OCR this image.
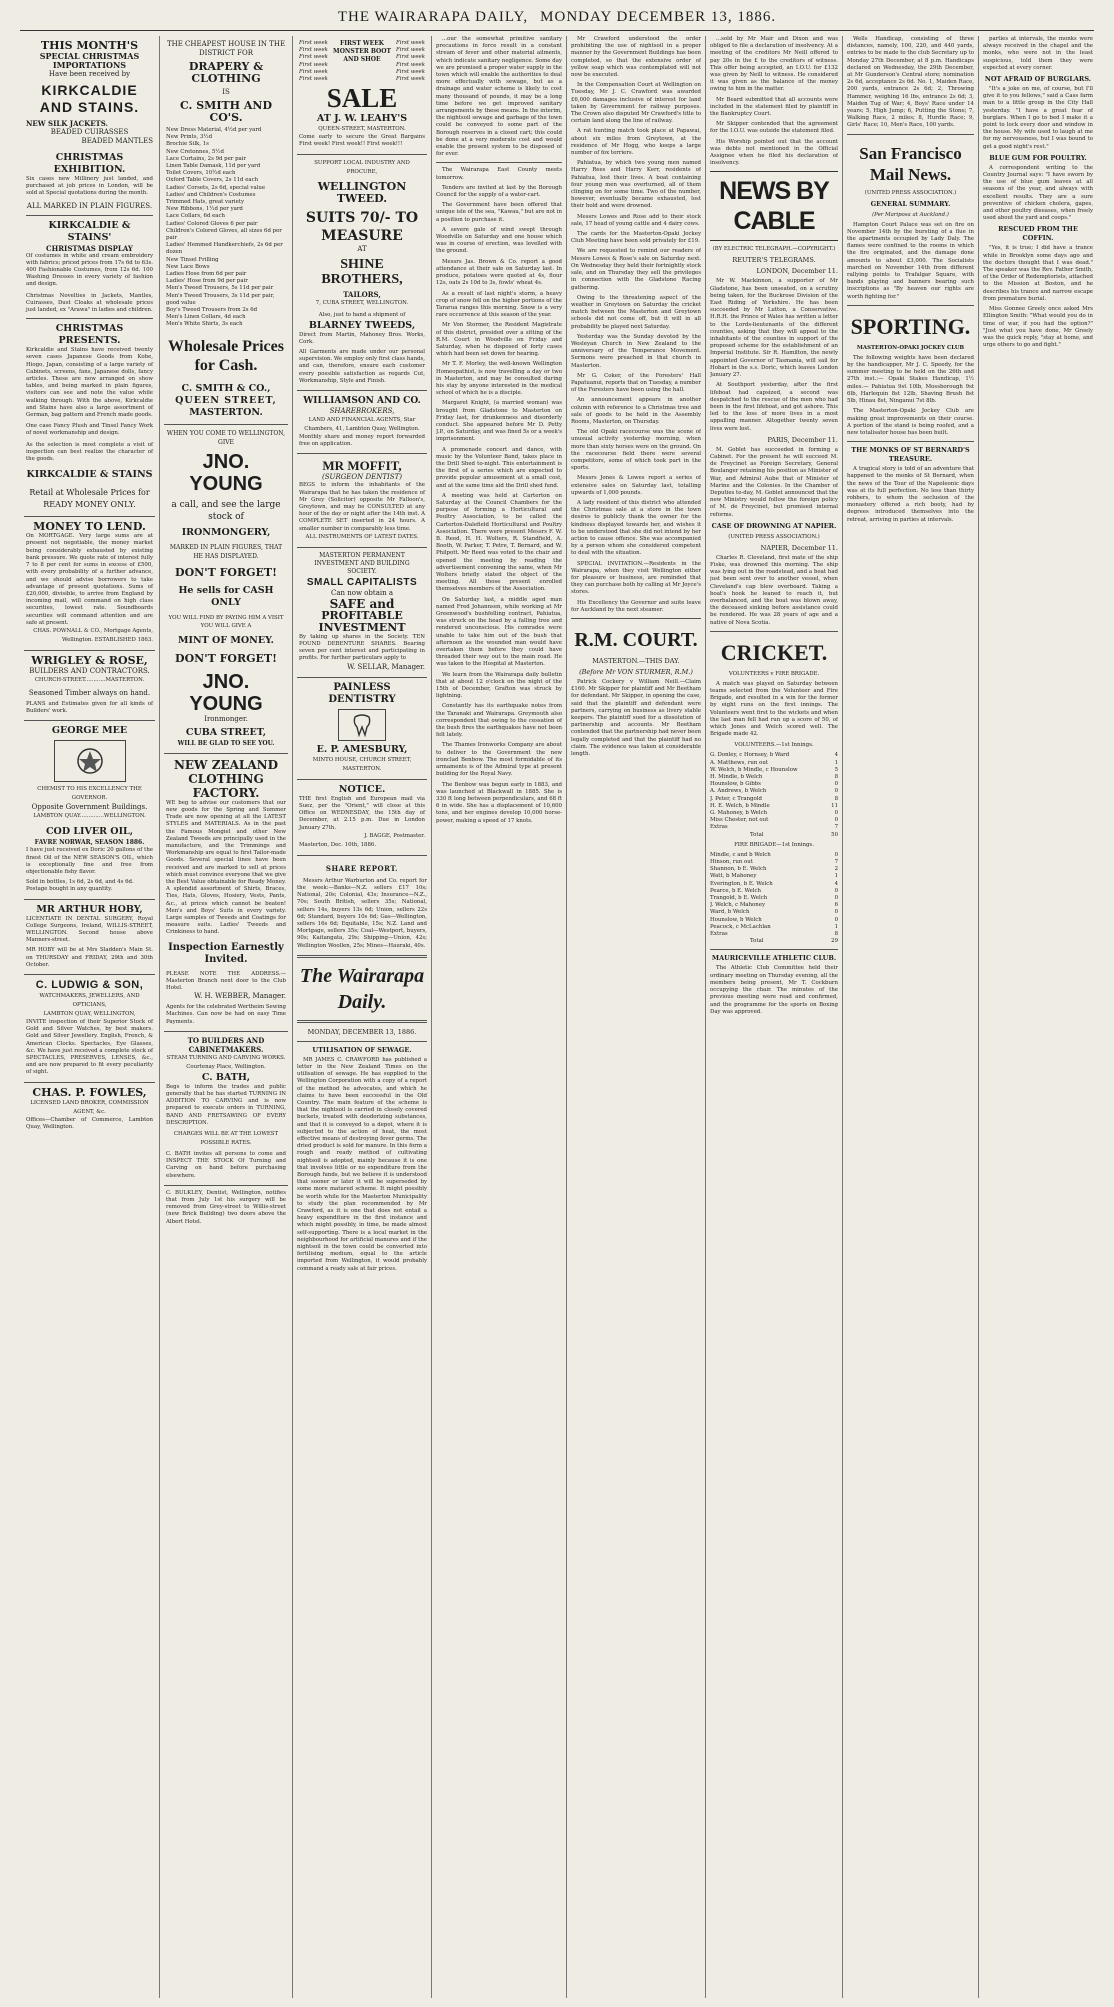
THE WAIRARAPA DAILY, MONDAY DECEMBER 13, 1886.
THIS MONTH'S
SPECIAL CHRISTMAS IMPORTATIONS
Have been received by
KIRKCALDIE AND STAINS.
NEW SILK JACKETS.
BEADED CUIRASSES
BEADED MANTLES
CHRISTMAS EXHIBITION.
Six cases new Millinery just landed, and purchased at job prices in London, will be sold at Special quotations during the month.
ALL MARKED IN PLAIN FIGURES.
KIRKCALDIE & STAINS'
CHRISTMAS DISPLAY
Of costumes in white and cream embroidery with fabrics; priced prices from 17s 6d to 63s. 400 Fashionable Costumes, from 12s 6d. 100 Washing Dresses in every variety of fashion and design.
Christmas Novelties in Jackets, Mantles, Cuirasses, Dust Cloaks at wholesale prices just landed, ex "Arawa" in ladies and children.
CHRISTMAS PRESENTS.
Kirkcaldie and Stains have received twenty seven cases Japanese Goods from Kobe, Hiogo, Japan, consisting of a large variety of Cabinets, screens, fans, Japanese dolls, fancy articles. These are now arranged on show tables, and being marked in plain figures, visitors can see and note the value while walking through. With the above, Kirkcaldie and Stains have also a large assortment of German, bag pattern and French made goods.
One case Fancy Plush and Tinsel Fancy Work of novel workmanship and design.
As the selection is most complete a visit of inspection can best realize the character of the goods.
KIRKCALDIE & STAINS
Retail at Wholesale Prices for READY MONEY ONLY.
MONEY TO LEND.
On MORTGAGE. Very large sums are at present not negotiable, the money market being considerably exhausted by existing bank pressure. We quote rate of interest fully 7 to 8 per cent for sums in excess of £500, with every probability of a further advance, and we should advise borrowers to take advantage of present quotations. Sums of £20,000, divisible, to arrive from England by incoming mail, will command on high class securities, lowest rate. Soundboards securities will command attention and are safe at present.
CHAS. POWNALL & CO., Mortgage Agents, Wellington. ESTABLISHED 1863.
WRIGLEY & ROSE,
BUILDERS AND CONTRACTORS.
CHURCH-STREET............MASTERTON.
Seasoned Timber always on hand.
PLANS and Estimates given for all kinds of Builders' work.
GEORGE MEE
CHEMIST TO HIS EXCELLENCY THE GOVERNOR.
Opposite Government Buildings.
LAMBTON QUAY..............WELLINGTON.
COD LIVER OIL,
FAVRE NORWAR, SEASON 1886.
I have just received ex Doric 20 gallons of the finest Oil of the NEW SEASON'S OIL, which is exceptionally fine and free from objectionable fishy flavor.
Sold in bottles, 1s 6d, 2s 6d, and 4s 6d.
Postage bought in any quantity.
MR ARTHUR HOBY,
LICENTIATE IN DENTAL SURGERY, Royal College Surgeons, Ireland, WILLIS-STREET, WELLINGTON. Second house above Manners-street.
MR HOBY will be at Mrs Sladden's Main St. on THURSDAY and FRIDAY, 29th and 30th October.
C. LUDWIG & SON,
WATCHMAKERS, JEWELLERS, AND OPTICIANS,
LAMBTON QUAY, WELLINGTON,
INVITE inspection of their Superior Stock of Gold and Silver Watches, by best makers. Gold and Silver Jewellery. English, French, & American Clocks. Spectacles, Eye Glasses, &c. We have just received a complete stock of SPECTACLES, PRESERVES, LENSES, &c., and are now prepared to fit every peculiarity of sight.
CHAS. P. FOWLES,
LICENSED LAND BROKER, COMMISSION AGENT, &c.
Offices—Chamber of Commerce, Lambton Quay, Wellington.
THE CHEAPEST HOUSE IN THE DISTRICT FOR
DRAPERY & CLOTHING
IS
C. SMITH AND CO'S.
New Dress Material, 4½d per yard
New Prints, 3½d
Brochie Silk, 1s
New Cretonnes, 5½d
Lace Curtains, 2s 9d per pair
Linen Table Damask, 11d per yard
Toilet Covers, 10½d each
Oxford Table Covers, 2s 11d each
Ladies' Corsets, 2s 6d, special value
Ladies' and Children's Costumes
Trimmed Hats, great variety
New Ribbons, 1½d per yard
Lace Collars, 6d each
Ladies' Colored Gloves 6 per pair
Children's Colored Gloves, all sizes 6d per pair
Ladies' Hemmed Handkerchiefs, 2s 6d per dozen
New Tinsel Frilling
New Lace Bows
Ladies Hose from 6d per pair
Ladies' Hose from 9d per pair
Men's Tweed Trousers, 5s 11d per pair
Men's Tweed Trousers, 3s 11d per pair, good value
Boy's Tweed Trousers from 2s 6d
Men's Linen Collars, 4d each
Men's White Shirts, 3s each
Wholesale Prices for Cash.
C. SMITH & CO.,
QUEEN STREET,
MASTERTON.
WHEN YOU COME TO WELLINGTON, GIVE
JNO. YOUNG
a call, and see the large stock of
IRONMONGERY,
MARKED IN PLAIN FIGURES, THAT HE HAS DISPLAYED.
DON'T FORGET!
He sells for CASH ONLY
YOU WILL FIND BY PAYING HIM A VISIT YOU WILL GIVE A
MINT OF MONEY.
DON'T FORGET!
JNO. YOUNG
Ironmonger.
CUBA STREET,
WILL BE GLAD TO SEE YOU.
NEW ZEALAND CLOTHING FACTORY.
WE beg to advise our customers that our new goods for the Spring and Summer Trade are now opening at all the LATEST STYLES and MATERIALS. As in the past the Famous Mongiel and other New Zealand Tweeds are principally used in the manufacture, and the Trimmings and Workmanship are equal to first Tailor-made Goods. Several special lines have been received and are marked to sell at prices which must convince everyone that we give the Best Value obtainable for Ready Money. A splendid assortment of Shirts, Braces, Ties, Hats, Gloves, Hosiery, Vests, Pants, &c., at prices which cannot be beaten! Men's and Boys' Suits in every variety. Large samples of Tweeds and Coatings for measure suits. Ladies' Tweeds and Crinkiness to hand.
Inspection Earnestly Invited.
PLEASE NOTE THE ADDRESS.— Masterton Branch next door to the Club Hotel.
W. H. WEBBER, Manager.
Agents for the celebrated Wertheim Sewing Machines. Can now be had on easy Time Payments.
TO BUILDERS AND CABINETMAKERS.
STEAM TURNING AND CARVING WORKS.
Courtenay Place, Wellington.
C. BATH,
Begs to inform the trades and public generally that he has started TURNING IN ADDITION TO CARVING and is now prepared to execute orders in TURNING, BAND AND FRETSAWING OF EVERY DESCRIPTION.
CHARGES WILL BE AT THE LOWEST POSSIBLE RATES.
C. BATH invites all persons to come and INSPECT THE STOCK Of Turning and Carving on hand before purchasing elsewhere.
C. BULKLEY, Dentist, Wellington, notifies that from July 1st his surgery will be removed from Grey-street to Willis-street (new Brick Building) two doors above the Albert Hotel.
First week
First week
First week
First week
First week
First week
FIRST WEEK MONSTER BOOT AND SHOE
First week
First week
First week
First week
First week
First week
SALE
AT J. W. LEAHY'S
QUEEN-STREET, MASTERTON.
Come early to secure the Great Bargains First week! First week!! First week!!!
SUPPORT LOCAL INDUSTRY AND PROCURE,
WELLINGTON TWEED.
SUITS 70/- TO MEASURE
AT
SHINE BROTHERS,
TAILORS,
7, CUBA STREET, WELLINGTON.
Also, just to hand a shipment of
BLARNEY TWEEDS,
Direct from Martin, Mahoney Bros. Works, Cork.
All Garments are made under our personal supervision. We employ only first class hands, and can, therefore, ensure each customer every possible satisfaction as regards Cut, Workmanship, Style and Finish.
WILLIAMSON AND CO.
SHAREBROKERS,
LAND AND FINANCIAL AGENTS, Star Chambers, 41, Lambton Quay, Wellington.
Monthly share and money report forwarded free on application.
MR MOFFIT,
(SURGEON DENTIST)
BEGS to inform the inhabitants of the Wairarapa that he has taken the residence of Mr Grey (Solicitor) opposite Mr Falloon's, Greytown, and may be CONSULTED at any hour of the day or night after the 14th inst. A COMPLETE SET inserted in 24 hours. A smaller number in comparably less time.
ALL INSTRUMENTS OF LATEST DATES.
MASTERTON PERMANENT INVESTMENT AND BUILDING SOCIETY.
SMALL CAPITALISTS
Can now obtain a
SAFE and
PROFITABLE INVESTMENT
By taking up shares in the Society. TEN POUND DEBENTURE SHARES. Bearing seven per cent interest and participating in profits. For further particulars apply to
W. SELLAR, Manager.
PAINLESS DENTISTRY
E. P. AMESBURY,
MINTO HOUSE, CHURCH STREET, MASTERTON.
NOTICE.
THE first English and European mail via Suez, per the "Orient," will close at this Office on WEDNESDAY, the 15th day of December, at 2.15 p.m. Due in London January 27th.
J. BAGGE, Postmaster.
Masterton, Dec. 10th, 1886.
SHARE REPORT.

Messrs Arthur Warburton and Co. report for the week:—Banks—N.Z. sellers £17 10s; National, 20s; Colonial, 43s; Insurance—N.Z., 70s; South British, sellers 35s; National, sellers 14s, buyers 13s 6d; Union, sellers 22s 6d; Standard, buyers 10s 6d; Gas—Wellington, sellers 16s 6d; Equitable, 15s; N.Z. Land and Mortgage, sellers 35s; Coal—Westport, buyers, 90s; Kaitangata, 29s; Shipping—Union, 42s; Wellington Woollen, 25s; Mines—Hauraki, 40s.

The Wairarapa Daily.
MONDAY, DECEMBER 13, 1886.
UTILISATION OF SEWAGE.

MR JAMES C. CRAWFORD has published a letter in the New Zealand Times on the utilisation of sewage. He has supplied to the Wellington Corporation with a copy of a report of the method he advocates, and which he claims to have been successful in the Old Country. The main feature of the scheme is that the nightsoil is carried in closely covered buckets, treated with deodorizing substances, and that it is conveyed to a depot, where it is subjected to the action of heat, the most effective means of destroying fever germs. The dried product is sold for manure. In this form a rough and ready method of cultivating nightsoil is adopted, mainly because it is one that involves little or no expenditure from the Borough funds, but we believe it is understood that sooner or later it will be superseded by some more matured scheme. It might possibly be worth while for the Masterton Municipality to study the plan recommended by Mr Crawford, as it is one that does not entail a heavy expenditure in the first instance and which might possibly, in time, be made almost self-supporting. There is a local market in the neighbourhood for artificial manures and if the nightsoil in the town could be converted into fertilising medium, equal to the article imported from Wellington, it would probably command a ready sale at fair prices.

...our the somewhat primitive sanitary precautions in force result in a constant stream of fever and other material ailments, which indicate sanitary negligence. Some day we are promised a proper water supply in the town which will enable the authorities to deal more effectually with sewage, but as a drainage and water scheme is likely to cost many thousand of pounds, it may be a long time before we get improved sanitary arrangements by these means. In the interim, the nightsoil sewage and garbage of the town could be conveyed to some part of the Borough reserves in a closed cart; this could be done at a very moderate cost and would enable the present system to be disposed of for ever.

The Wairarapa East County meets tomorrow.

Tenders are invited at last by the Borough Council for the supply of a water-cart.

The Government have been offered that unique isle of the sea, "Kawau," but are not in a position to purchase it.

A severe gale of wind swept through Woodville on Saturday and one house which was in course of erection, was levelled with the ground.

Messrs Jas. Brown & Co. report a good attendance at their sale on Saturday last. In produce, potatoes were quoted at 4s, flour 12s, oats 2s 10d to 3s, fowls' wheat 4s.

As a result of last night's storm, a heavy crop of snow fell on the higher portions of the Tararua ranges this morning. Snow is a very rare occurrence at this season of the year.

Mr Von Stormer, the Resident Magistrate of this district, presided over a sitting of the R.M. Court in Woodville on Friday and Saturday, when he disposed of forty cases which had been set down for hearing.

Mr T. F. Morley, the well-known Wellington Homeopathist, is now travelling a day or two in Masterton, and may be consulted during his stay by anyone interested in the medical school of which he is a disciple.

Margaret Knight, (a married woman) was brought from Gladstone to Masterton on Friday last, for drunkenness and disorderly conduct. She appeared before Mr D. Petty J.P., on Saturday, and was fined 5s or a week's imprisonment.

A promenade concert and dance, with music by the Volunteer Band, takes place in the Drill Shed to-night. This entertainment is the first of a series which are expected to provide popular amusement at a small cost, and at the same time aid the Drill shed fund.

A meeting was held at Carterton on Saturday at the Council Chambers for the purpose of forming a Horticultural and Poultry Association, to be called the Carterton-Dalefield Horticultural and Poultry Association. There were present Messrs F. W. B. Reed, H. H. Wolters, R. Standfield, A. Booth, W. Parker, T. Petre, T. Bernard, and W. Philpott. Mr Reed was voted to the chair and opened the meeting by reading the advertisement convening the same, when Mr Wolters briefly stated the object of the meeting. All those present enrolled themselves members of the Association.

On Saturday last, a middle aged man named Fred Johannsen, while working at Mr Greenwood's bushfelling contract, Pahiatua, was struck on the head by a falling tree and rendered unconscious. His comrades were unable to take him out of the bush that afternoon as the wounded man would have overtaken them before they could have threaded their way out to the main road. He was taken to the Hospital at Masterton.

We learn from the Wairarapa daily bulletin that at about 12 o'clock on the night of the 15th of December, Grafton was struck by lightning.

Constantly has its earthquake notes from the Taranaki and Wairarapa. Greymouth also correspondent that owing to the cessation of the bush fires the earthquakes have not been felt lately.

The Thames Ironworks Company are about to deliver to the Government the new ironclad Benbow. The most formidable of its armaments is of the Admiral type at present building for the Royal Navy.

The Benbow was begun early in 1883, and was launched at Blackwall in 1885. She is 330 ft long between perpendiculars, and 68 ft 6 in wide. She has a displacement of 10,600 tons, and her engines develop 10,000 horse-power, making a speed of 17 knots.

Mr Crawford understood the order prohibiting the use of nightsoil in a proper manner by the Government Buildings has been completed, so that the extensive order of yellow soap which was contemplated will not now be executed.

In the Compensation Court at Wellington on Tuesday, Mr J. C. Crawford was awarded £6,000 damages inclusive of interest for land taken by Government for railway purposes. The Crown also disputed Mr Crawford's title to certain land along the line of railway.

A rat hunting match took place at Papawai, about six miles from Greytown, at the residence of Mr Hogg, who keeps a large number of fox terriers.

Pahiatua, by which two young men named Harry Rees and Harry Kerr, residents of Pahiatua, lost their lives. A boat containing four young men was overturned, all of them clinging on for some time. Two of the number, however, eventually became exhausted, lost their hold and were drowned.

Messrs Lowes and Rose add to their stock sale, 17 head of young cattle and 4 dairy cows.

The cards for the Masterton-Opaki Jockey Club Meeting have been sold privately for £19.

We are requested to remind our readers of Messrs Lowes & Rose's sale on Saturday next. On Wednesday they held their fortnightly stock sale, and on Thursday they sell the privileges in connection with the Gladstone Racing gathering.

Owing to the threatening aspect of the weather in Greytown on Saturday the cricket match between the Masterton and Greytown schools did not come off, but it will in all probability be played next Saturday.

Yesterday was the Sunday devoted by the Wesleyan Church in New Zealand to the anniversary of the Temperance Movement. Sermons were preached in that church in Masterton.

Mr G. Coker, of the Foresters' Hall Papatuanui, reports that on Tuesday, a number of the Foresters have been using the hall.

An announcement appears in another column with reference to a Christmas tree and sale of goods to be held in the Assembly Rooms, Masterton, on Thursday.

The old Opaki racecourse was the scene of unusual activity yesterday morning, when more than sixty horses were on the ground. On the racecourse field there were several competitors, some of which took part in the sports.

Messrs Jones & Lowes report a series of extensive sales on Saturday last, totalling upwards of 1,000 pounds.

A lady resident of this district who attended the Christmas sale at a store in the town desires to publicly thank the owner for the kindness displayed towards her, and wishes it to be understood that she did not intend by her action to cause offence. She was accompanied by a person whom she considered competent to deal with the situation.

SPECIAL INVITATION.—Residents in the Wairarapa, when they visit Wellington either for pleasure or business, are reminded that they can purchase both by calling at Mr Joyce's stores.

His Excellency the Governor and suite leave for Auckland by the next steamer.

R.M. COURT.
MASTERTON.—THIS DAY.
(Before Mr VON STURMER, R.M.)

Patrick Cockery v William Neill.—Claim £160. Mr Skipper for plaintiff and Mr Beetham for defendant. Mr Skipper, in opening the case, said that the plaintiff and defendant were partners, carrying on business as livery stable keepers. The plaintiff sued for a dissolution of partnership and accounts. Mr Beetham contended that the partnership had never been legally completed and that the plaintiff had no claim. The evidence was taken at considerable length.

...sold by Mr Mair and Dixon and was obliged to file a declaration of insolvency. At a meeting of the creditors Mr Neill offered to pay 20s in the £ to the creditors of witness. This offer being accepted, an I.O.U. for £132 was given by Neill to witness. He considered it was given as the balance of the money owing to him in the matter.

Mr Beard submitted that all accounts were included in the statement filed by plaintiff in the Bankruptcy Court.

Mr Skipper contended that the agreement for the I.O.U. was outside the statement filed.

His Worship pointed out that the account was debts not mentioned in the Official Assignee when he filed his declaration of insolvency.

NEWS BY CABLE
(BY ELECTRIC TELEGRAPH.—COPYRIGHT.)
REUTER'S TELEGRAMS.
LONDON, December 11.

Mr W. Mackinnon, a supporter of Mr Gladstone, has been unseated, on a scrutiny being taken, for the Buckrose Division of the East Riding of Yorkshire. He has been succeeded by Mr Lutton, a Conservative. H.R.H. the Prince of Wales has written a letter to the Lords-lieutenants of the different counties, asking that they will appeal to the inhabitants of the counties in support of the proposed scheme for the establishment of an Imperial Institute. Sir R. Hamilton, the newly appointed Governor of Tasmania, will sail for Hobart in the s.s. Doric, which leaves London January 27.

At Southport yesterday, after the first lifeboat had capsized, a second was despatched to the rescue of the men who had been in the first lifeboat, and got ashore. This led to the loss of more lives in a most appalling manner. Altogether twenty seven lives were lost.

PARIS, December 11.

M. Goblet has succeeded in forming a Cabinet. For the present he will succeed M. de Freycinet as Foreign Secretary, General Boulanger retaining his position as Minister of War, and Admiral Aube that of Minister of Marine and the Colonies. In the Chamber of Deputies to-day, M. Goblet announced that the new Ministry would follow the foreign policy of M. de Freycinet, but promised internal reforms.

CASE OF DROWNING AT NAPIER.
(UNITED PRESS ASSOCIATION.)
NAPIER, December 11.

Charles R. Cleveland, first mate of the ship Fiske, was drowned this morning. The ship was lying out in the roadstead, and a boat had just been sent over to another vessel, when Cleveland's cap blew overboard. Taking a boat's hook he leaned to reach it, but overbalanced, and the boat was blown away, the deceased sinking before assistance could be rendered. He was 28 years of age and a native of Nova Scotia.

CRICKET.
VOLUNTEERS v FIRE BRIGADE.

A match was played on Saturday between teams selected from the Volunteer and Fire Brigade, and resulted in a win for the former by eight runs on the first innings. The Volunteers went first to the wickets and when the last man fell had run up a score of 50, of which Jones and Welch scored well. The Brigade made 42.

VOLUNTEERS.—1st Innings.
G. Donley, c Hornsey, b Ward	4
A. Matthews, run out	1
W. Welch, b Mindle, c Hounslow	5
H. Mindle, b Welch	8
Hounslow, b Gibbs	0
A. Andrews, b Welch	0
J. Peter, c Trangold	8
H. E. Welch, b Mindle	11
G. Mahoney, b Welch	0
Miss Chester, not out	0
Extras	7
Total	50
FIRE BRIGADE—1st Innings.
Mindle, c and b Welch	0
Hinson, run out	7
Shannon, b E. Welch	2
Watt, b Mahoney	1
Everington, b E. Welch	4
Pearce, b E. Welch	0
Trangold, b E. Welch	0
J. Welch, c Mahoney	6
Ward, b Welch	0
Hounslow, b Welch	0
Peacock, c McLachlan	1
Extras	8
Total	29
MAURICEVILLE ATHLETIC CLUB.

The Athletic Club Committee held their ordinary meeting on Thursday evening, all the members being present, Mr T. Cockburn occupying the chair. The minutes of the previous meeting were read and confirmed, and the programme for the sports on Boxing Day was approved.

Wells Handicap, consisting of three distances, namely, 100, 220, and 440 yards, entries to be made to the club Secretary up to Monday 27th December, at 8 p.m. Handicaps declared on Wednesday, the 29th December, at Mr Gunderson's Central store; nomination 2s 6d, acceptance 2s 6d. No. 1, Maiden Race, 200 yards, entrance 2s 6d; 2, Throwing Hammer, weighing 16 lbs, entrance 2s 6d; 3, Maiden Tug of War; 4, Boys' Race under 14 years; 5, High Jump; 6, Putting the Stone; 7, Walking Race, 2 miles; 8, Hurdle Race; 9, Girls' Race; 10, Men's Race, 100 yards.

San Francisco Mail News.
(UNITED PRESS ASSOCIATION.)
GENERAL SUMMARY.
(Per Mariposa at Auckland.)

Hampton Court Palace was set on fire on November 14th by the bursting of a flue in the apartments occupied by Lady Daly. The flames were confined to the rooms in which the fire originated, and the damage done amounts to about £3,000. The Socialists marched on November 14th from different rallying points to Trafalgar Square, with bands playing and banners bearing such inscriptions as "By heaven our rights are worth fighting for."

SPORTING.
MASTERTON-OPAKI JOCKEY CLUB

The following weights have been declared by the handicapper, Mr J. C. Speedy, for the summer meeting to be held on the 26th and 27th inst.:— Opaki Stakes Handicap, 1½ miles.— Pahiatua 9st 10lb, Mossborough 9st 6lb, Harlequin 8st 12lb, Shaving Brush 8st 5lb, Hinau 8st, Ninganui 7st 8lb.

The Masterton-Opaki Jockey Club are making great improvements on their course. A portion of the stand is being roofed, and a new totalisator house has been built.

THE MONKS OF ST BERNARD'S TREASURE.

A tragical story is told of an adventure that happened to the monks of St Bernard, when the news of the Tour of the Napoleonic days was at its full perfection. No less than thirty robbers, to whom the seclusion of the monastery offered a rich booty, had by degrees introduced themselves into the retreat, arriving in parties at intervals.

parties at intervals, the monks were always received in the chapel and the monks, who were not in the least suspicious, told them they were expected at every corner.

NOT AFRAID OF BURGLARS.

"It's a joke on me, of course, but I'll give it to you fellows," said a Cass farm man to a little group in the City Hall yesterday. "I have a great fear of burglars. When I go to bed I make it a point to lock every door and window in the house. My wife used to laugh at me for my nervousness, but I was bound to get a good night's rest."

BLUE GUM FOR POULTRY.

A correspondent writing to the Country Journal says: "I have sworn by the use of blue gum leaves at all seasons of the year, and always with excellent results. They are a sure preventive of chicken cholera, gapes, and other poultry diseases, when freely used about the yard and coops."

RESCUED FROM THE COFFIN.

"Yes, it is true; I did have a trance while in Brooklyn some days ago and the doctors thought that I was dead." The speaker was the Rev. Father Smith, of the Order of Redemptorists, attached to the Mission at Boston, and he describes his trance and narrow escape from premature burial.

Miss Gonnee Greely once asked Mrs Ellington Smith: "What would you do in time of war, if you had the option?" "Just what you have done, Mr Greely was the quick reply, "stay at home, and urge others to go and fight."
